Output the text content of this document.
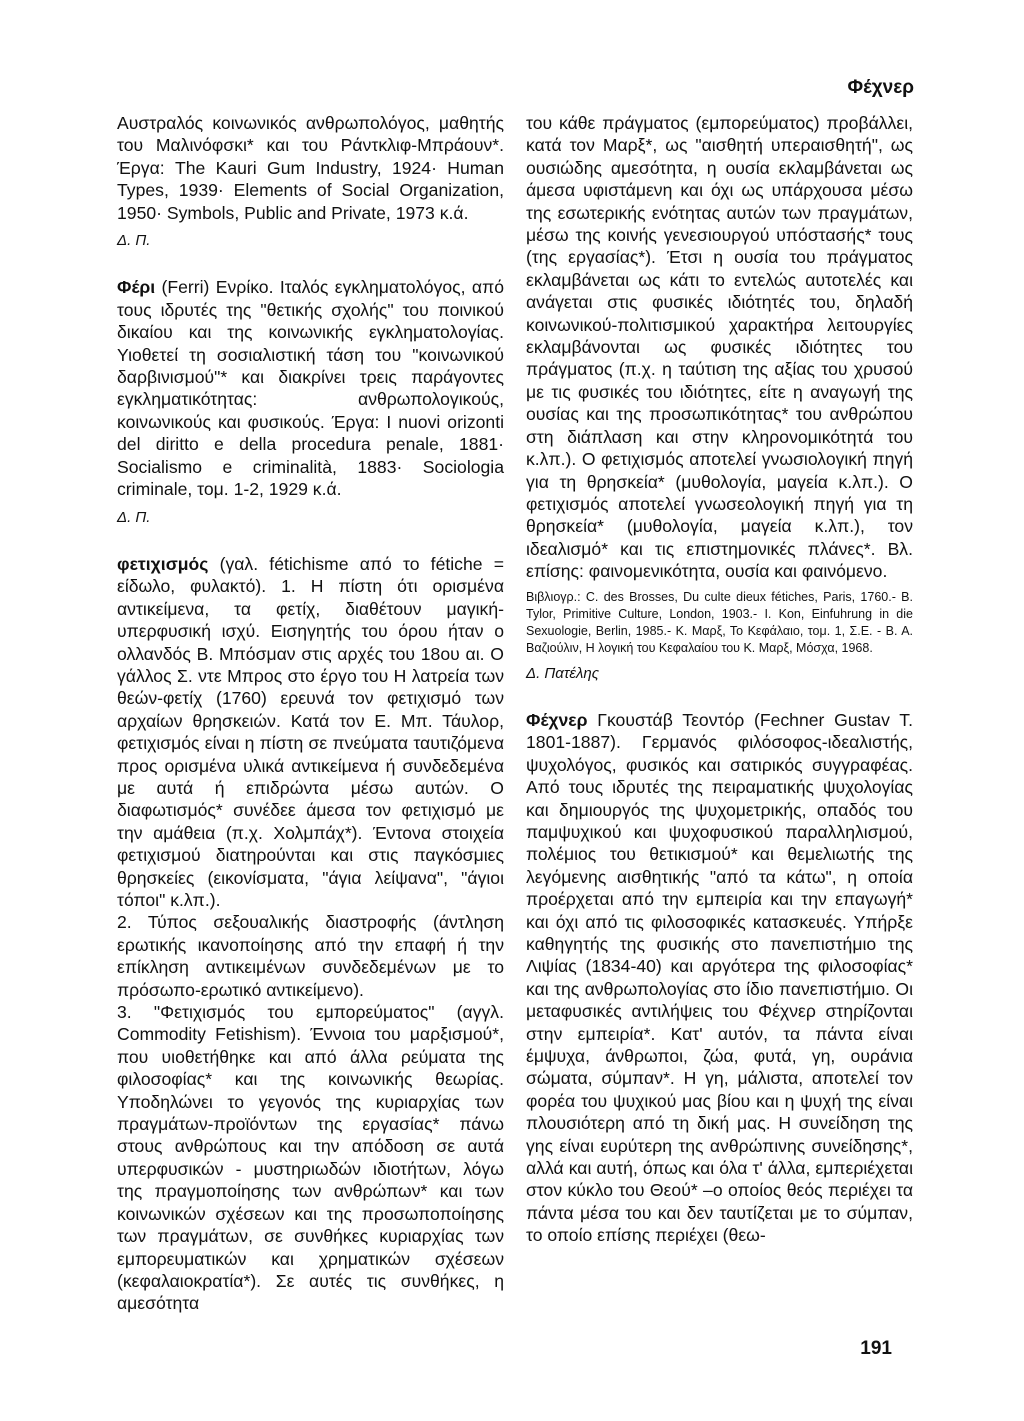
Φέχνερ

Αυστραλός κοινωνικός ανθρωπολόγος, μαθητής του Μαλινόφσκι* και του Ράντκλιφ-Μπράουν*. Έργα: The Kauri Gum Industry, 1924· Human Types, 1939· Elements of Social Organization, 1950· Symbols, Public and Private, 1973 κ.ά.

Δ. Π.

Φέρι (Ferri) Ενρίκο. Ιταλός εγκληματολόγος, από τους ιδρυτές της "θετικής σχολής" του ποινικού δικαίου και της κοινωνικής εγκληματολογίας. Υιοθετεί τη σοσιαλιστική τάση του "κοινωνικού δαρβινισμού"* και διακρίνει τρεις παράγοντες εγκληματικότητας: ανθρωπολογικούς, κοινωνικούς και φυσικούς. Έργα: I nuovi orizonti del diritto e della procedura penale, 1881· Socialismo e criminalità, 1883· Sociologia criminale, τομ. 1-2, 1929 κ.ά.

Δ. Π.

φετιχισμός (γαλ. fétichisme από το fétiche = είδωλο, φυλακτό). 1. Η πίστη ότι ορισμένα αντικείμενα, τα φετίχ, διαθέτουν μαγική-υπερφυσική ισχύ. Εισηγητής του όρου ήταν ο ολλανδός Β. Μπόσμαν στις αρχές του 18ου αι. Ο γάλλος Σ. ντε Μπρος στο έργο του Η λατρεία των θεών-φετίχ (1760) ερευνά τον φετιχισμό των αρχαίων θρησκειών. Κατά τον Ε. Μπ. Τάυλορ, φετιχισμός είναι η πίστη σε πνεύματα ταυτιζόμενα προς ορισμένα υλικά αντικείμενα ή συνδεδεμένα με αυτά ή επιδρώντα μέσω αυτών. Ο διαφωτισμός* συνέδεε άμεσα τον φετιχισμό με την αμάθεια (π.χ. Χολμπάχ*). Έντονα στοιχεία φετιχισμού διατηρούνται και στις παγκόσμιες θρησκείες (εικονίσματα, "άγια λείψανα", "άγιοι τόποι" κ.λπ.).

2. Τύπος σεξουαλικής διαστροφής (άντληση ερωτικής ικανοποίησης από την επαφή ή την επίκληση αντικειμένων συνδεδεμένων με το πρόσωπο-ερωτικό αντικείμενο).

3. "Φετιχισμός του εμπορεύματος" (αγγλ. Commodity Fetishism). Έννοια του μαρξισμού*, που υιοθετήθηκε και από άλλα ρεύματα της φιλοσοφίας* και της κοινωνικής θεωρίας. Υποδηλώνει το γεγονός της κυριαρχίας των πραγμάτων-προϊόντων της εργασίας* πάνω στους ανθρώπους και την απόδοση σε αυτά υπερφυσικών - μυστηριωδών ιδιοτήτων, λόγω της πραγμοποίησης των ανθρώπων* και των κοινωνικών σχέσεων και της προσωποποίησης των πραγμάτων, σε συνθήκες κυριαρχίας των εμπορευματικών και χρηματικών σχέσεων (κεφαλαιοκρατία*). Σε αυτές τις συνθήκες, η αμεσότητα

του κάθε πράγματος (εμπορεύματος) προβάλλει, κατά τον Μαρξ*, ως "αισθητή υπεραισθητή", ως ουσιώδης αμεσότητα, η ουσία εκλαμβάνεται ως άμεσα υφιστάμενη και όχι ως υπάρχουσα μέσω της εσωτερικής ενότητας αυτών των πραγμάτων, μέσω της κοινής γενεσιουργού υπόστασής* τους (της εργασίας*). Έτσι η ουσία του πράγματος εκλαμβάνεται ως κάτι το εντελώς αυτοτελές και ανάγεται στις φυσικές ιδιότητές του, δηλαδή κοινωνικού-πολιτισμικού χαρακτήρα λειτουργίες εκλαμβάνονται ως φυσικές ιδιότητες του πράγματος (π.χ. η ταύτιση της αξίας του χρυσού με τις φυσικές του ιδιότητες, είτε η αναγωγή της ουσίας και της προσωπικότητας* του ανθρώπου στη διάπλαση και στην κληρονομικότητά του κ.λπ.). Ο φετιχισμός αποτελεί γνωσιολογική πηγή για τη θρησκεία* (μυθολογία, μαγεία κ.λπ.). Ο φετιχισμός αποτελεί γνωσεολογική πηγή για τη θρησκεία* (μυθολογία, μαγεία κ.λπ.), τον ιδεαλισμό* και τις επιστημονικές πλάνες*. Βλ. επίσης: φαινομενικότητα, ουσία και φαινόμενο.

Βιβλιογρ.: C. des Brosses, Du culte dieux fétiches, Paris, 1760.- B. Tylor, Primitive Culture, London, 1903.- I. Kon, Einfuhrung in die Sexuologie, Berlin, 1985.- Κ. Μαρξ, Το Κεφάλαιο, τομ. 1, Σ.Ε. - Β. Α. Βαζιούλιν, Η λογική του Κεφαλαίου του Κ. Μαρξ, Μόσχα, 1968.

Δ. Πατέλης

Φέχνερ Γκουστάβ Τεοντόρ (Fechner Gustav T. 1801-1887). Γερμανός φιλόσοφος-ιδεαλιστής, ψυχολόγος, φυσικός και σατιρικός συγγραφέας. Από τους ιδρυτές της πειραματικής ψυχολογίας και δημιουργός της ψυχομετρικής, οπαδός του παμψυχικού και ψυχοφυσικού παραλληλισμού, πολέμιος του θετικισμού* και θεμελιωτής της λεγόμενης αισθητικής "από τα κάτω", η οποία προέρχεται από την εμπειρία και την επαγωγή* και όχι από τις φιλοσοφικές κατασκευές. Υπήρξε καθηγητής της φυσικής στο πανεπιστήμιο της Λιψίας (1834-40) και αργότερα της φιλοσοφίας* και της ανθρωπολογίας στο ίδιο πανεπιστήμιο. Οι μεταφυσικές αντιλήψεις του Φέχνερ στηρίζονται στην εμπειρία*. Κατ' αυτόν, τα πάντα είναι έμψυχα, άνθρωποι, ζώα, φυτά, γη, ουράνια σώματα, σύμπαν*. Η γη, μάλιστα, αποτελεί τον φορέα του ψυχικού μας βίου και η ψυχή της είναι πλουσιότερη από τη δική μας. Η συνείδηση της γης είναι ευρύτερη της ανθρώπινης συνείδησης*, αλλά και αυτή, όπως και όλα τ' άλλα, εμπεριέχεται στον κύκλο του Θεού* –ο οποίος θεός περιέχει τα πάντα μέσα του και δεν ταυτίζεται με το σύμπαν, το οποίο επίσης περιέχει (θεω-

191
